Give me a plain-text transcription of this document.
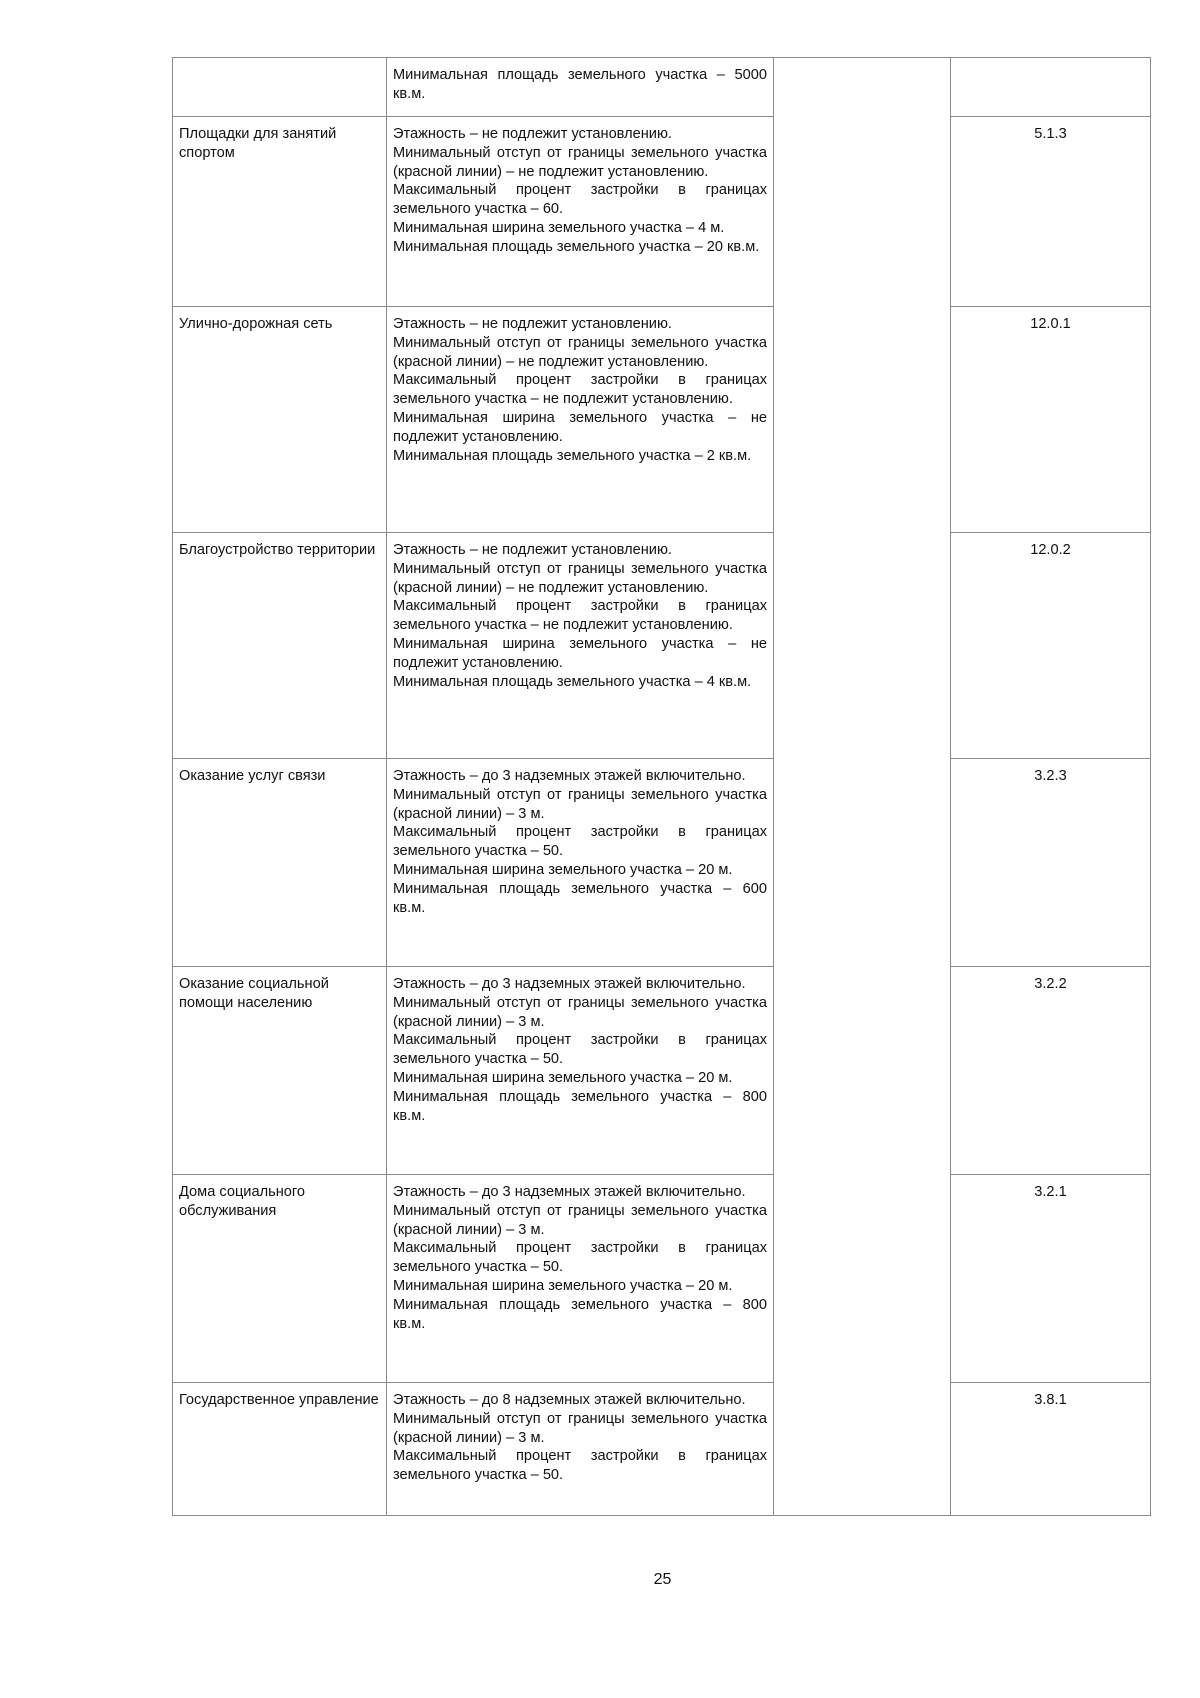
	Минимальная площадь земельного участка – 5000 кв.м.		

Площадки для занятий спортом	Этажность – не подлежит установлению.
Минимальный отступ от границы земельного участка (красной линии) – не подлежит установлению.
Максимальный процент застройки в границах земельного участка – 60.
Минимальная ширина земельного участка – 4 м.
Минимальная площадь земельного участка – 20 кв.м.		5.1.3
Улично-дорожная сеть	Этажность – не подлежит установлению.
Минимальный отступ от границы земельного участка (красной линии) – не подлежит установлению.
Максимальный процент застройки в границах земельного участка – не подлежит установлению.
Минимальная ширина земельного участка – не подлежит установлению.
Минимальная площадь земельного участка – 2 кв.м.		12.0.1
Благоустройство территории	Этажность – не подлежит установлению.
Минимальный отступ от границы земельного участка (красной линии) – не подлежит установлению.
Максимальный процент застройки в границах земельного участка – не подлежит установлению.
Минимальная ширина земельного участка – не подлежит установлению.
Минимальная площадь земельного участка – 4 кв.м.		12.0.2
Оказание услуг связи	Этажность – до 3 надземных этажей включительно.
Минимальный отступ от границы земельного участка (красной линии) – 3 м.
Максимальный процент застройки в границах земельного участка – 50.
Минимальная ширина земельного участка – 20 м.
Минимальная площадь земельного участка – 600 кв.м.		3.2.3
Оказание социальной помощи населению	Этажность – до 3 надземных этажей включительно.
Минимальный отступ от границы земельного участка (красной линии) – 3 м.
Максимальный процент застройки в границах земельного участка – 50.
Минимальная ширина земельного участка – 20 м.
Минимальная площадь земельного участка – 800 кв.м.		3.2.2
Дома социального обслуживания	Этажность – до 3 надземных этажей включительно.
Минимальный отступ от границы земельного участка (красной линии) – 3 м.
Максимальный процент застройки в границах земельного участка – 50.
Минимальная ширина земельного участка – 20 м.
Минимальная площадь земельного участка – 800 кв.м.		3.2.1
Государственное управление	Этажность – до 8 надземных этажей включительно.
Минимальный отступ от границы земельного участка (красной линии) – 3 м.
Максимальный процент застройки в границах земельного участка – 50.		3.8.1
25
